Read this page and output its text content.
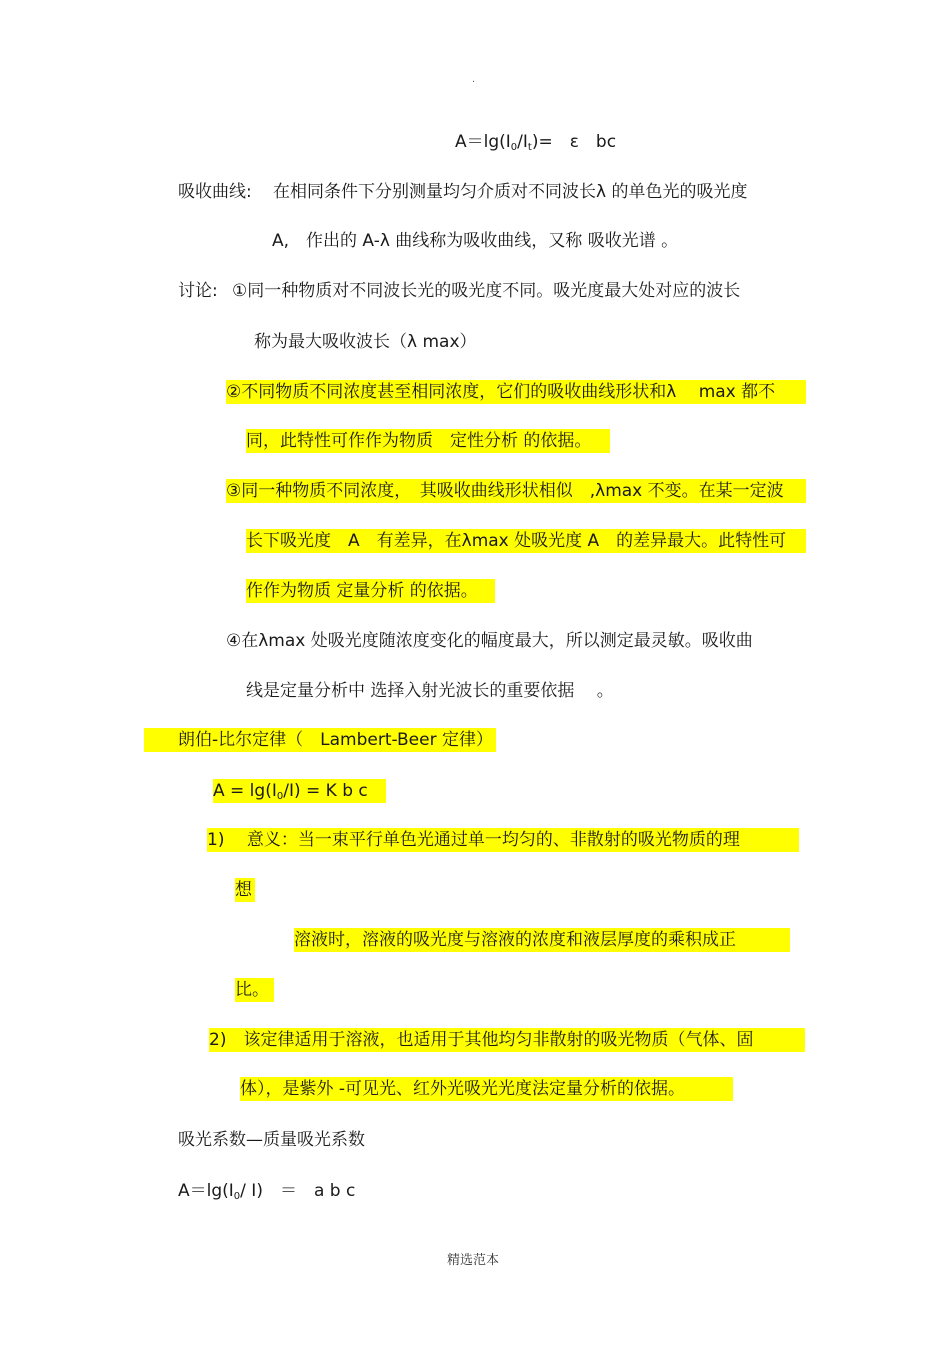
.
$A=\lg(I_0/I_t)=$　ε　bc
吸收曲线: 在相同条件下分别测量均匀介质对不同波长λ 的单色光的吸光度
A,　作出的 A-λ 曲线称为吸收曲线，又称 吸收光谱 。
讨论: ①同一种物质对不同波长光的吸光度不同。吸光度最大处对应的波长
称为最大吸收波长（λ max）
②不同物质不同浓度甚至相同浓度，它们的吸收曲线形状和λ　 max 都不
同，此特性可作作为物质　定性分析 的依据。
③同一种物质不同浓度，　其吸收曲线形状相似　,λmax 不变。在某一定波
长下吸光度　A　有差异，在λmax 处吸光度 A　的差异最大。此特性可
作作为物质 定量分析 的依据。
④在λmax 处吸光度随浓度变化的幅度最大，所以测定最灵敏。吸收曲
线是定量分析中 选择入射光波长的重要依据　 。
朗伯-比尔定律（　Lambert-Beer 定律）
$A = \lg(I_0/I) = K$ b c
1)　 意义：当一束平行单色光通过单一均匀的、非散射的吸光物质的理
想
溶液时，溶液的吸光度与溶液的浓度和液层厚度的乘积成正
比。
2)　该定律适用于溶液，也适用于其他均匀非散射的吸光物质（气体、固
体），是紫外 -可见光、红外光吸光光度法定量分析的依据。
吸光系数—质量吸光系数
$A=\lg(I_0/$ I)　＝　a b c
精选范本
